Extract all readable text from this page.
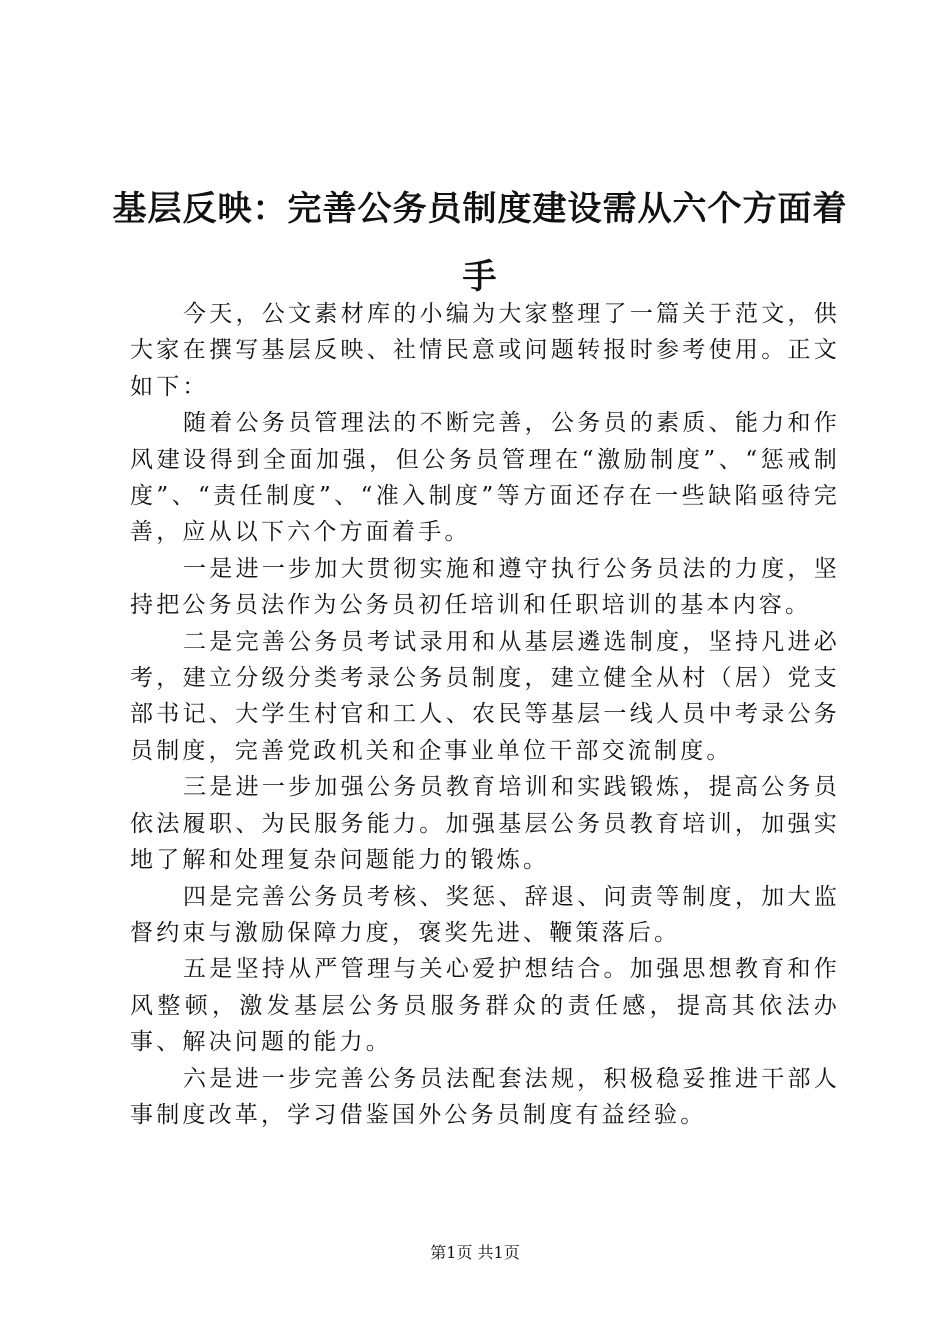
基层反映：完善公务员制度建设需从六个方面着手

今天，公文素材库的小编为大家整理了一篇关于范文，供大家在撰写基层反映、社情民意或问题转报时参考使用。正文如下：

随着公务员管理法的不断完善，公务员的素质、能力和作风建设得到全面加强，但公务员管理在“激励制度”、“惩戒制度”、“责任制度”、“准入制度”等方面还存在一些缺陷亟待完善，应从以下六个方面着手。

一是进一步加大贯彻实施和遵守执行公务员法的力度，坚持把公务员法作为公务员初任培训和任职培训的基本内容。

二是完善公务员考试录用和从基层遴选制度，坚持凡进必考，建立分级分类考录公务员制度，建立健全从村（居）党支部书记、大学生村官和工人、农民等基层一线人员中考录公务员制度，完善党政机关和企事业单位干部交流制度。

三是进一步加强公务员教育培训和实践锻炼，提高公务员依法履职、为民服务能力。加强基层公务员教育培训，加强实地了解和处理复杂问题能力的锻炼。

四是完善公务员考核、奖惩、辞退、问责等制度，加大监督约束与激励保障力度，褒奖先进、鞭策落后。

五是坚持从严管理与关心爱护想结合。加强思想教育和作风整顿，激发基层公务员服务群众的责任感，提高其依法办事、解决问题的能力。

六是进一步完善公务员法配套法规，积极稳妥推进干部人事制度改革，学习借鉴国外公务员制度有益经验。

第1页 共1页
